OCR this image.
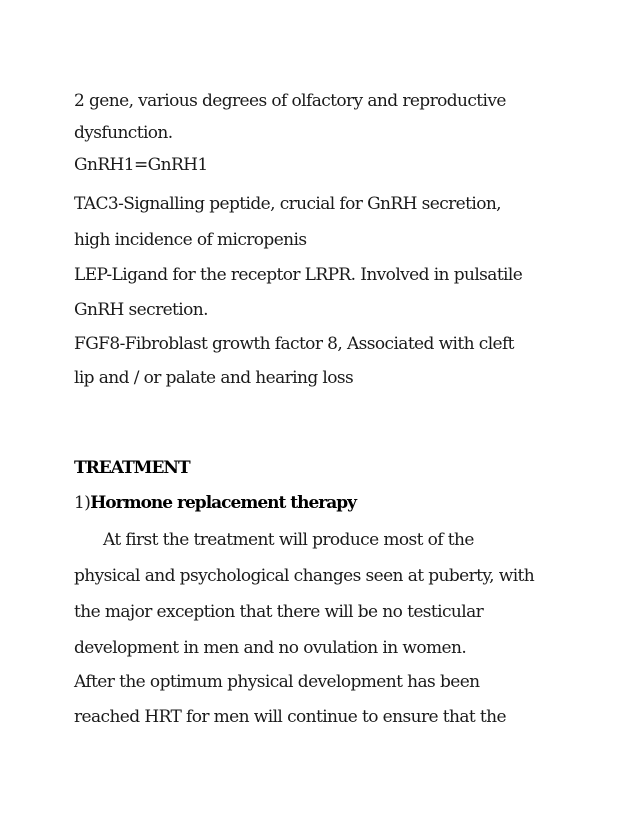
2 gene, various degrees of olfactory and reproductive
dysfunction.
GnRH1=GnRH1
TAC3-Signalling peptide, crucial for GnRH secretion,
high incidence of micropenis
LEP-Ligand for the receptor LRPR. Involved in pulsatile
GnRH secretion.
FGF8-Fibroblast growth factor 8, Associated with cleft
lip and / or palate and hearing loss
TREATMENT
1)Hormone replacement therapy
At first the treatment will produce most of the
physical and psychological changes seen at puberty, with
the major exception that there will be no testicular
development in men and no ovulation in women.
After the optimum physical development has been
reached HRT for men will continue to ensure that the
